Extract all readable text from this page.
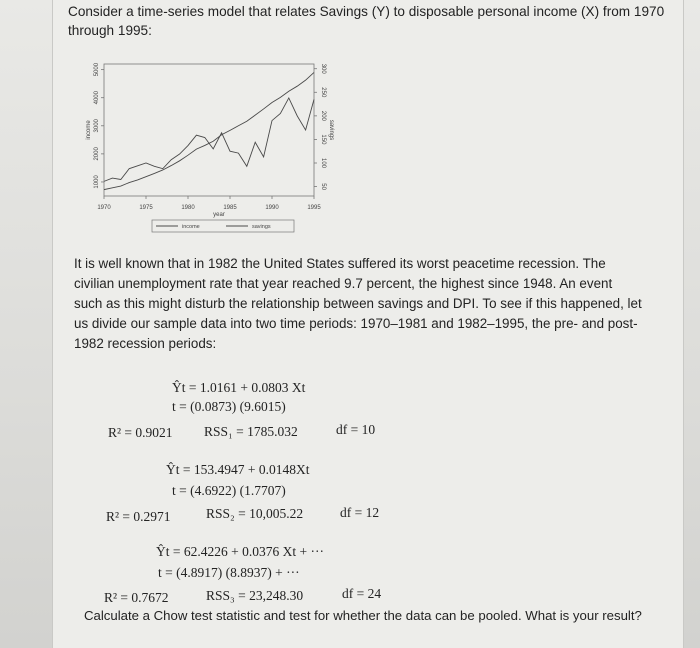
Consider a time-series model that relates Savings (Y) to disposable personal income (X) from 1970 through 1995:
1970	1975	1980	1985	1990	1995
year
1000
2000
3000
4000
5000
income
50
100
150
200
250
300
savings
income	savings
It is well known that in 1982 the United States suffered its worst peacetime recession. The civilian unemployment rate that year reached 9.7 percent, the highest since 1948. An event such as this might disturb the relationship between savings and DPI. To see if this happened, let us divide our sample data into two time periods: 1970–1981 and 1982–1995, the pre- and post-1982 recession periods:
Ŷt = 1.0161 + 0.0803 Xt
t = (0.0873) (9.6015)
R² = 0.9021 RSS₁ = 1785.032	df = 10
Ŷt = 153.4947 + 0.0148Xt
t = (4.6922) (1.7707)
R² = 0.2971	RSS₂ = 10,005.22	df = 12
Ŷt = 62.4226 + 0.0376 Xt + ···
t = (4.8917) (8.8937) + ···
R² = 0.7672	RSS₃ = 23,248.30	df = 24
Calculate a Chow test statistic and test for whether the data can be pooled. What is your result?
